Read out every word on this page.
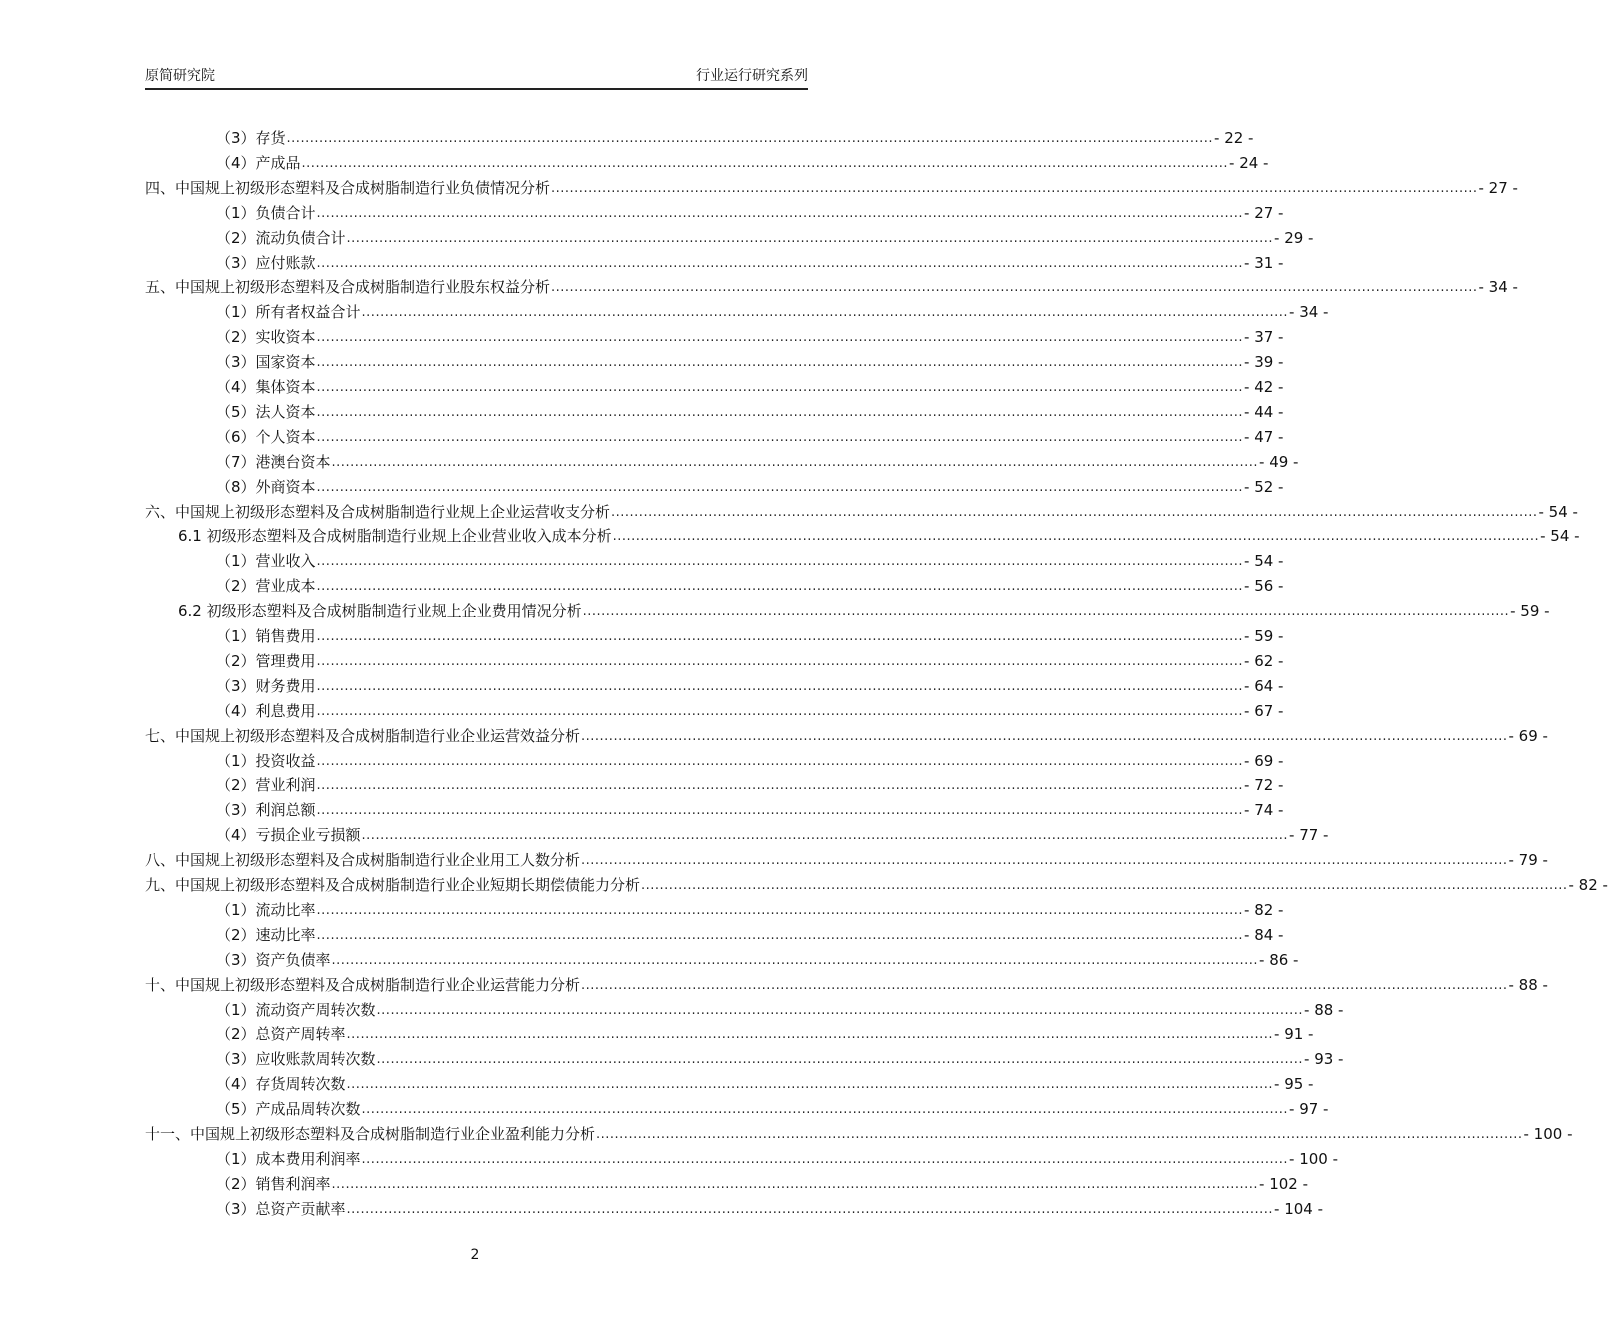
原简研究院	行业运行研究系列
（3）存货 ........................................................................................................................................................................................................ - 22 -
（4）产成品 ........................................................................................................................................................................................................ - 24 -
四、中国规上初级形态塑料及合成树脂制造行业负债情况分析 ........................................................................................................................................................................................................ - 27 -
（1）负债合计 ........................................................................................................................................................................................................ - 27 -
（2）流动负债合计 ........................................................................................................................................................................................................ - 29 -
（3）应付账款 ........................................................................................................................................................................................................ - 31 -
五、中国规上初级形态塑料及合成树脂制造行业股东权益分析 ........................................................................................................................................................................................................ - 34 -
（1）所有者权益合计 ........................................................................................................................................................................................................ - 34 -
（2）实收资本 ........................................................................................................................................................................................................ - 37 -
（3）国家资本 ........................................................................................................................................................................................................ - 39 -
（4）集体资本 ........................................................................................................................................................................................................ - 42 -
（5）法人资本 ........................................................................................................................................................................................................ - 44 -
（6）个人资本 ........................................................................................................................................................................................................ - 47 -
（7）港澳台资本 ........................................................................................................................................................................................................ - 49 -
（8）外商资本 ........................................................................................................................................................................................................ - 52 -
六、中国规上初级形态塑料及合成树脂制造行业规上企业运营收支分析 ........................................................................................................................................................................................................ - 54 -
6.1 初级形态塑料及合成树脂制造行业规上企业营业收入成本分析 ........................................................................................................................................................................................................ - 54 -
（1）营业收入 ........................................................................................................................................................................................................ - 54 -
（2）营业成本 ........................................................................................................................................................................................................ - 56 -
6.2 初级形态塑料及合成树脂制造行业规上企业费用情况分析 ........................................................................................................................................................................................................ - 59 -
（1）销售费用 ........................................................................................................................................................................................................ - 59 -
（2）管理费用 ........................................................................................................................................................................................................ - 62 -
（3）财务费用 ........................................................................................................................................................................................................ - 64 -
（4）利息费用 ........................................................................................................................................................................................................ - 67 -
七、中国规上初级形态塑料及合成树脂制造行业企业运营效益分析 ........................................................................................................................................................................................................ - 69 -
（1）投资收益 ........................................................................................................................................................................................................ - 69 -
（2）营业利润 ........................................................................................................................................................................................................ - 72 -
（3）利润总额 ........................................................................................................................................................................................................ - 74 -
（4）亏损企业亏损额 ........................................................................................................................................................................................................ - 77 -
八、中国规上初级形态塑料及合成树脂制造行业企业用工人数分析 ........................................................................................................................................................................................................ - 79 -
九、中国规上初级形态塑料及合成树脂制造行业企业短期长期偿债能力分析 ........................................................................................................................................................................................................ - 82 -
（1）流动比率 ........................................................................................................................................................................................................ - 82 -
（2）速动比率 ........................................................................................................................................................................................................ - 84 -
（3）资产负债率 ........................................................................................................................................................................................................ - 86 -
十、中国规上初级形态塑料及合成树脂制造行业企业运营能力分析 ........................................................................................................................................................................................................ - 88 -
（1）流动资产周转次数 ........................................................................................................................................................................................................ - 88 -
（2）总资产周转率 ........................................................................................................................................................................................................ - 91 -
（3）应收账款周转次数 ........................................................................................................................................................................................................ - 93 -
（4）存货周转次数 ........................................................................................................................................................................................................ - 95 -
（5）产成品周转次数 ........................................................................................................................................................................................................ - 97 -
十一、中国规上初级形态塑料及合成树脂制造行业企业盈利能力分析 ........................................................................................................................................................................................................ - 100 -
（1）成本费用利润率 ........................................................................................................................................................................................................ - 100 -
（2）销售利润率 ........................................................................................................................................................................................................ - 102 -
（3）总资产贡献率 ........................................................................................................................................................................................................ - 104 -
2
